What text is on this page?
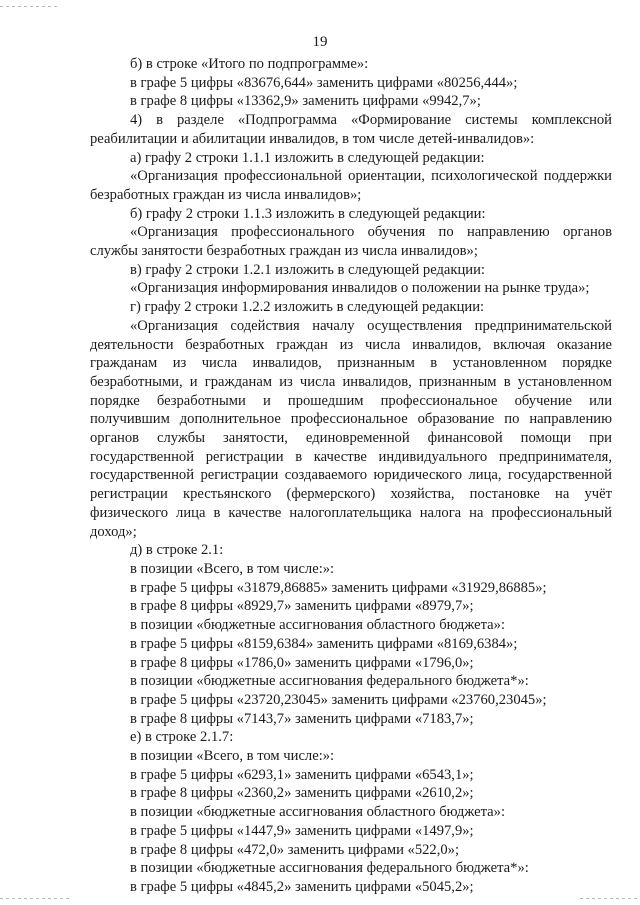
19

б) в строке «Итого по подпрограмме»:

в графе 5 цифры «83676,644» заменить цифрами «80256,444»;

в графе 8 цифры «13362,9» заменить цифрами «9942,7»;

4) в разделе «Подпрограмма «Формирование системы комплексной реабилитации и абилитации инвалидов, в том числе детей-инвалидов»:

а) графу 2 строки 1.1.1 изложить в следующей редакции:

«Организация профессиональной ориентации, психологической поддержки безработных граждан из числа инвалидов»;

б) графу 2 строки 1.1.3 изложить в следующей редакции:

«Организация профессионального обучения по направлению органов службы занятости безработных граждан из числа инвалидов»;

в) графу 2 строки 1.2.1 изложить в следующей редакции:

«Организация информирования инвалидов о положении на рынке труда»;

г) графу 2 строки 1.2.2 изложить в следующей редакции:

«Организация содействия началу осуществления предпринимательской деятельности безработных граждан из числа инвалидов, включая оказание гражданам из числа инвалидов, признанным в установленном порядке безработными, и гражданам из числа инвалидов, признанным в установленном порядке безработными и прошедшим профессиональное обучение или получившим дополнительное профессиональное образование по направлению органов службы занятости, единовременной финансовой помощи при государственной регистрации в качестве индивидуального предпринимателя, государственной регистрации создаваемого юридического лица, государственной регистрации крестьянского (фермерского) хозяйства, постановке на учёт физического лица в качестве налогоплательщика налога на профессиональный доход»;

д) в строке 2.1:

в позиции «Всего, в том числе:»:

в графе 5 цифры «31879,86885» заменить цифрами «31929,86885»;

в графе 8 цифры «8929,7» заменить цифрами «8979,7»;

в позиции «бюджетные ассигнования областного бюджета»:

в графе 5 цифры «8159,6384» заменить цифрами «8169,6384»;

в графе 8 цифры «1786,0» заменить цифрами «1796,0»;

в позиции «бюджетные ассигнования федерального бюджета*»:

в графе 5 цифры «23720,23045» заменить цифрами «23760,23045»;

в графе 8 цифры «7143,7» заменить цифрами «7183,7»;

е) в строке 2.1.7:

в позиции «Всего, в том числе:»:

в графе 5 цифры «6293,1» заменить цифрами «6543,1»;

в графе 8 цифры «2360,2» заменить цифрами «2610,2»;

в позиции «бюджетные ассигнования областного бюджета»:

в графе 5 цифры «1447,9» заменить цифрами «1497,9»;

в графе 8 цифры «472,0» заменить цифрами «522,0»;

в позиции «бюджетные ассигнования федерального бюджета*»:

в графе 5 цифры «4845,2» заменить цифрами «5045,2»;
